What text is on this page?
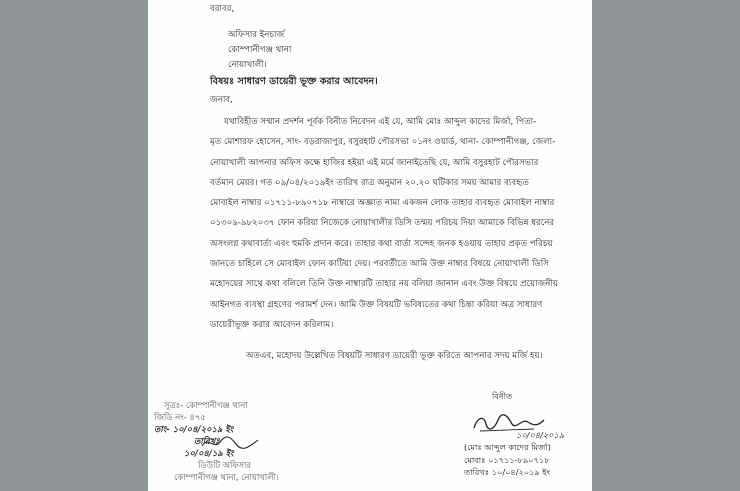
বরাবর,
অফিসার ইনচার্জ
কোম্পানীগঞ্জ থানা
নোয়াখালী।
বিষয়ঃ সাধারণ ডায়েরী ভূক্ত করার আবেদন।
জনাব,
যথাবিহীত সম্মান প্রদর্শন পূর্বক বিনীত নিবেদন এই যে, আমি মোঃ আব্দুল কাদের মির্জা, পিতা-
মৃত মোশারফ হোসেন, সাং- বড়রাজাপুর, বসুরহাট পৌরসভা ০১নং ওয়ার্ড, থানা- কোম্পানীগঞ্জ, জেলা-
নোয়াখালী আপনার অফিস কক্ষে হাজির হইয়া এই মর্মে জানাইতেছি যে, আমি বসুরহাট পৌরসভার
বর্তমান মেয়র। গত ০৯/০৪/২০১৯ইং তারিখ রাত্র অনুমান ২০.২০ ঘটিকার সময় আমার ব্যবহৃত
মোবাইল নাম্বার ০১৭১১-৮৯০৭১৮ নাম্বারে অজ্ঞাত নামা একজন লোক তাহার ব্যবহৃত মোবাইল নাম্বার
০১৩০৯-৯৮২০৩৭ ফোন করিয়া নিজেকে নোয়াখালীর ডিসি তন্ময় পরিচয় দিয়া আমাকে বিভিন্ন ধরনের
অসংলগ্ন কথাবার্তা এবং হুমকি প্রদান করে। তাহার কথা বার্তা সন্দেহ জনক হওয়ায় তাহার প্রকৃত পরিচয়
জানতে চাহিলে সে মোবাইল ফোন কাটিয়া দেয়। পরবর্তীতে আমি উক্ত নাম্বার বিষয়ে নোয়াখালী ডিসি
মহোদয়ের সাথে কথা বলিলে তিনি উক্ত নাম্বারটি তাহার নয় বলিয়া জানান এবং উক্ত বিষয়ে প্রয়োজনীয়
আইনগত ব্যবস্থা গ্রহণের পরামর্শ দেন। আমি উক্ত বিষয়টি ভবিষ্যতের কথা চিন্তা করিয়া অত্র সাধারণ
ডায়েরীভূক্ত করার আবেদন করিলাম।
অতএব, মহোদয় উল্লেখিত বিষয়টি সাধারণ ডায়েরী ভূক্ত করিতে আপনার সদয় মর্জি হয়।
বিনীত
১০/০৪/২০১৯
(মোঃ আব্দুল কাদের মির্জা)
মোবাঃ ০১৭১১-৮৯০৭১৮
তারিখঃ ১০/০৪/২০১৯ ইং
সূত্রঃ- কোম্পানীগঞ্জ থানা
জিডি নং- ৪৭৫
তাং- ১০/০৪/২০১৯ ইং
তারিখঃ
১০/০৪/১৯ ইং
ডিউটি অফিসার
কোম্পানীগঞ্জ থানা, নোয়াখালী।
